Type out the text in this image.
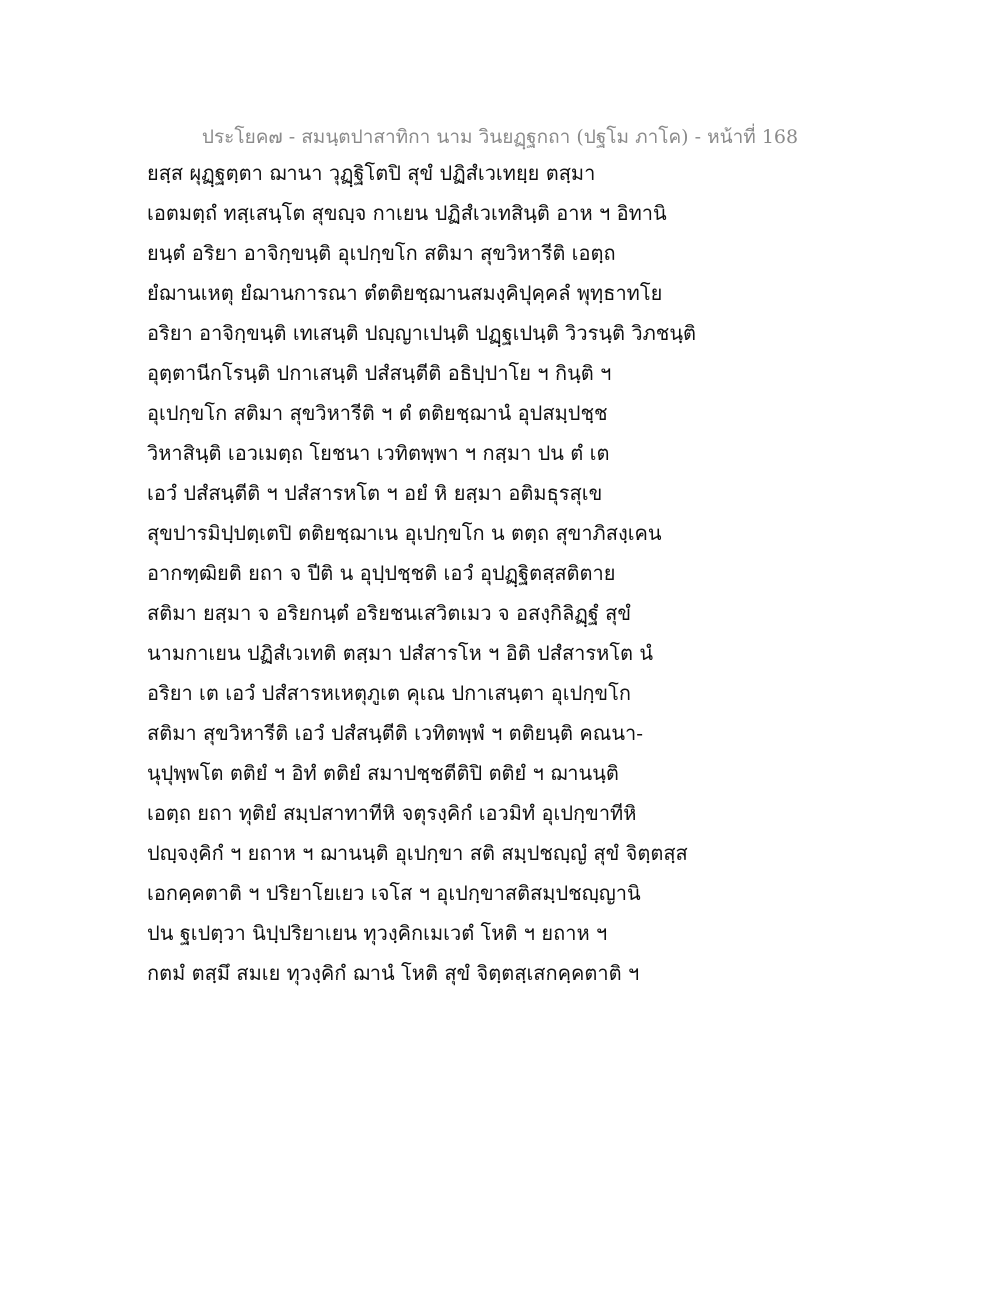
ประโยค๗ - สมนฺตปาสาทิกา นาม วินยฏฺฐกถา (ปฐโม ภาโค) - หน้าที่ 168
ยสฺส ผุฏฺฐตฺตา ฌานา วุฏฺฐิโตปิ สุขํ ปฏิสํเวเทยฺย ตสฺมา
เอตมตฺถํ ทสฺเสนฺโต สุขญฺจ กาเยน ปฏิสํเวเทสินฺติ อาห ฯ อิทานิ
ยนฺตํ อริยา อาจิกฺขนฺติ อุเปกฺขโก สติมา สุขวิหารีติ เอตฺถ
ยํฌานเหตุ ยํฌานการณา ตํตติยชฺฌานสมงฺคิปุคฺคลํ พุทฺธาทโย
อริยา อาจิกฺขนฺติ เทเสนฺติ ปญฺญาเปนฺติ ปฏฺฐเปนฺติ วิวรนฺติ วิภชนฺติ
อุตฺตานีกโรนฺติ ปกาเสนฺติ ปสํสนฺตีติ อธิปฺปาโย ฯ กินฺติ ฯ
อุเปกฺขโก สติมา สุขวิหารีติ ฯ ตํ ตติยชฺฌานํ อุปสมฺปชฺช
วิหาสินฺติ เอวเมตฺถ โยชนา เวทิตพฺพา ฯ กสฺมา ปน ตํ เต
เอวํ ปสํสนฺตีติ ฯ ปสํสารหโต ฯ อยํ หิ ยสฺมา อติมธุรสุเข
สุขปารมิปฺปตฺเตปิ ตติยชฺฌาเน อุเปกฺขโก น ตตฺถ สุขาภิสงฺเคน
อากฑฺฒิยติ ยถา จ ปีติ น อุปฺปชฺชติ เอวํ อุปฏฺฐิตสฺสติตาย
สติมา ยสฺมา จ อริยกนฺตํ อริยชนเสวิตเมว จ อสงฺกิลิฏฺฐํ สุขํ
นามกาเยน ปฏิสํเวเทติ ตสฺมา ปสํสารโห ฯ อิติ ปสํสารหโต นํ
อริยา เต เอวํ ปสํสารหเหตุภูเต คุเณ ปกาเสนฺตา อุเปกฺขโก
สติมา สุขวิหารีติ เอวํ ปสํสนฺตีติ เวทิตพฺพํ ฯ ตติยนฺติ คณนา-
นุปุพฺพโต ตติยํ ฯ อิทํ ตติยํ สมาปชฺชตีติปิ ตติยํ ฯ ฌานนฺติ
เอตฺถ ยถา ทุติยํ สมฺปสาทาทีหิ จตุรงฺคิกํ เอวมิทํ อุเปกฺขาทีหิ
ปญฺจงฺคิกํ ฯ ยถาห ฯ ฌานนฺติ อุเปกฺขา สติ สมฺปชญฺญํ สุขํ จิตฺตสฺส
เอกคฺคตาติ ฯ ปริยาโยเยว เจโส ฯ อุเปกฺขาสติสมฺปชญฺญานิ
ปน ฐเปตฺวา นิปฺปริยาเยน ทุวงฺคิกเมเวตํ โหติ ฯ ยถาห ฯ
กตมํ ตสฺมึ สมเย ทุวงฺคิกํ ฌานํ โหติ สุขํ จิตฺตสฺเสกคฺคตาติ ฯ
